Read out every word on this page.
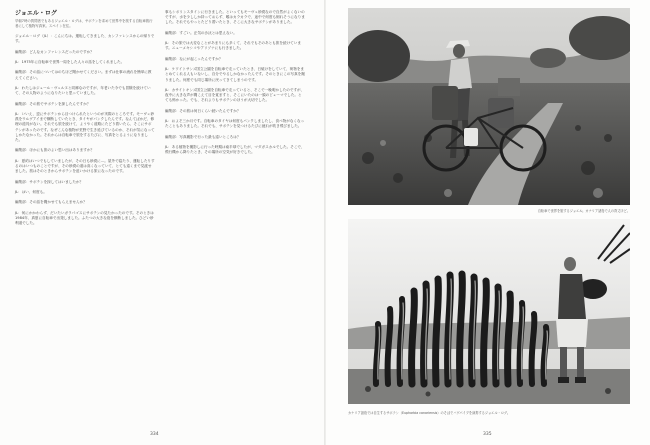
ジョエル・ログ
早朝7時の質問者でもあるジョエル・ログは、サボテンを求めて世界中を旅する自転車旅行者にして植物写真家。スペイン在住。

ジョエル・ログ（JL）：こんにちは。運転してきました、カンファレンスからの帰りです。

編集部：どんなカンファレンスだったのですか？

JL：1975年に自転車で世界一周をした人々の話をしてくれました。

編集部：その話についてはのちほど聞かせてください。まずは仕事の流れを簡単に教えてください。

JL：わたしはジュール・ヴェルヌと同郷なのですが、年老いた今でも冒険を続けていて、その人物のようになりたいと思っていました。

編集部：その旅でサボテンを探したんですか？

JL：いいえ、逆にサボテンから目つけられたというのが実際のところです。モーヴェ砂漠をウルグアイまで横断していたとき、タイヤがパンクしたんです。なんてばかだ、修理の道具がない。それでも旅を続けて、ようやく道路にたどり着いたら、そこにサボテンがあったのです。なぜこんな植物が荒野で生き延びているのか、それが気になってしかたなかった。それからは自転車で旅をするたびに、写真をとるようになりました。

編集部：ほかにも旅のよい思い出はありますか？

JL：夏約はいつでもしていましたが、その日も砂漠に…。屋外で寝たり、運転したりするのはいつものことですが、その砂漠の道は高くなっていて、とても遠くまで見渡せました。旅はそのときからサボテンを追いかける旅になったのです。

編集部：サボテンを探してはいましたか？

JL：はい、何度も。

編集部：その話を聞かせてもらえませんか？

JL：何にかかわらず、だいたいガラパゴスにサボテンの見たかったのです。そのときは1984年、真夏に自転車で出発しました。ふたつの大きな島を横断しました。ひどい砂利道でした。

事もシボリンスタインに行きました。といってもモーヴェ砂漠なので自然がよくないのですが、水を少ししか持っておらず、喉はカラカラで、途中で何度も倒れそうになりました。それでもやっとたどり着いたとき、そこに大きなサボテンがありました。

編集部：すごい。正気の沙汰とは思えない。

JL：その旅では大変なことがあまりにも多くて、それでもそのあとも旅を続けています。ニューメキシコやアリゾナにも行きました。

編集部：なにが起こったんですか？

JL：ケワイトサンズ国立公園を自転車で走っていたとき、日焼けをしていて、荷物をまとめてくれる人もいないし、自分でやるしかなかったんです。そのときにこの写真を撮りました。何度でも同じ場所に戻ってきてしまうのです。

JL：カサイトキンズ国立公園を自転車で走っていると、そこで一晩明かしたのですが、夜中に大きな声が聞こえて目を覚ますと、そこにいたのは一頭のピューマでした。とても怖かった。でも、それよりもサボテンのほうが大切でした。

編集部：その旅は何日くらい続いたんですか？

JL：およそ三か月です。自転車のタイヤは何度もパンクしましたし、食べ物がなくなったこともありました。それでも、サボテンを見つけるたびに疲れが吹き飛びました。

編集部：写真撮影で行った最も遠いところは？

JL：ある植物を撮影しに行った時期は南半球でしたが、マダガスカルでした。そこで、飛行機から降りたとき、その場所の空気が好きでした。

334
自転車で世界を旅するジョエル。カナリア諸島で人の背丈ほど。
カナリア諸島では自生するサボテン（Euphorbia canariensis）のそばでバグパイプを演奏するジョエル・ログ。
335
